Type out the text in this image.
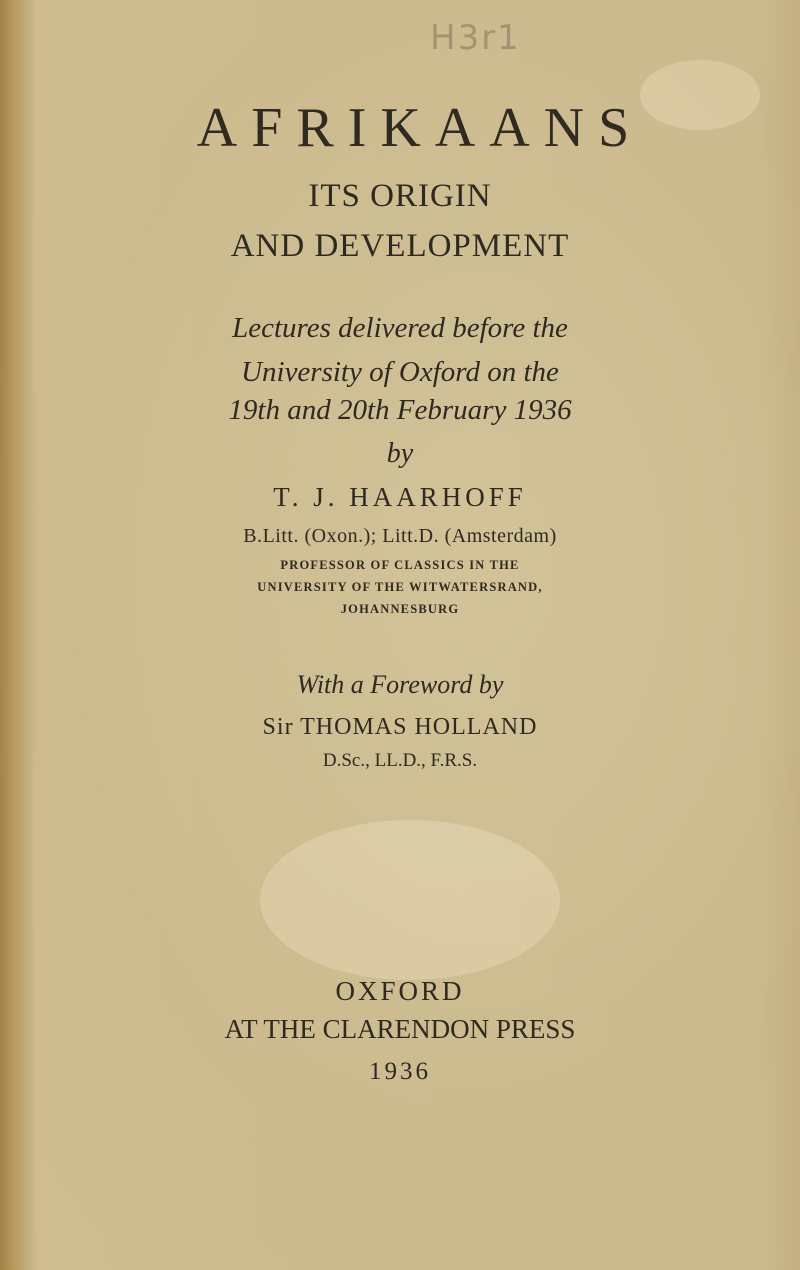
H3r1
AFRIKAANS
ITS ORIGIN
AND DEVELOPMENT
Lectures delivered before the
University of Oxford on the
19th and 20th February 1936
by
T. J. HAARHOFF
B.Litt. (Oxon.); Litt.D. (Amsterdam)
PROFESSOR OF CLASSICS IN THE
UNIVERSITY OF THE WITWATERSRAND,
JOHANNESBURG
With a Foreword by
Sir THOMAS HOLLAND
D.Sc., LL.D., F.R.S.
OXFORD
AT THE CLARENDON PRESS
1936
